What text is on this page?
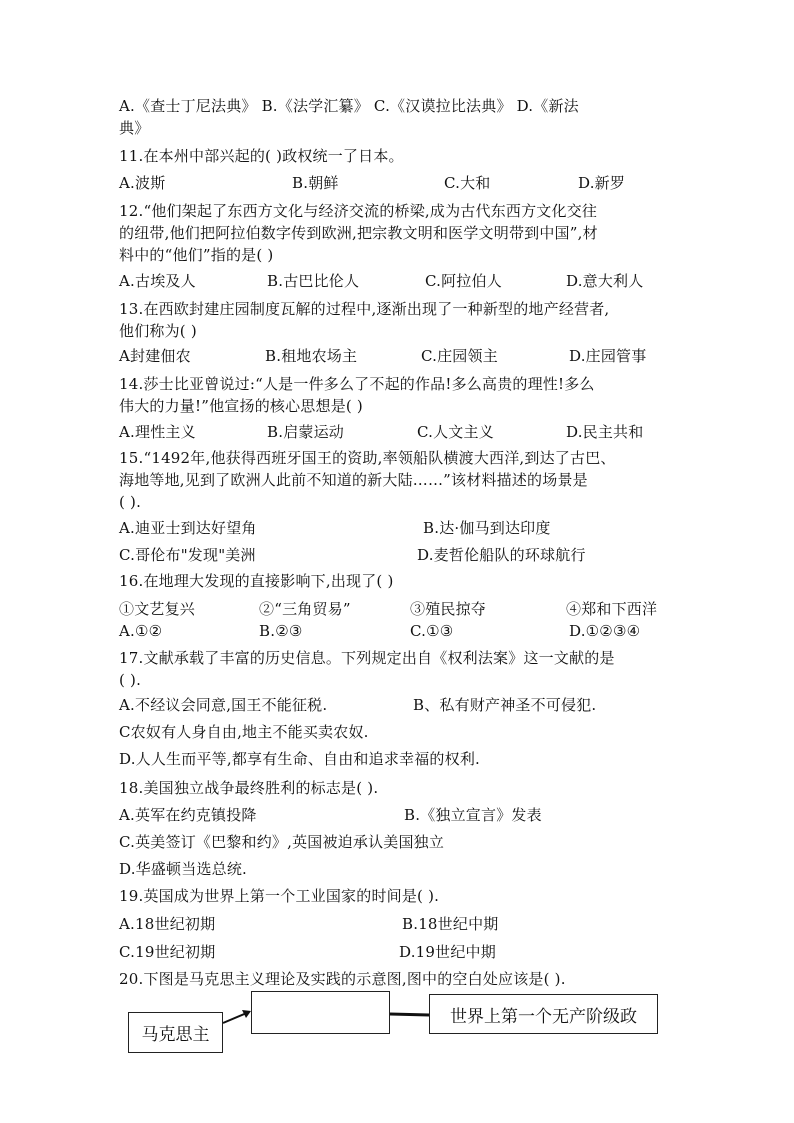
A.《查士丁尼法典》 B.《法学汇纂》 C.《汉谟拉比法典》 D.《新法
典》
11.在本州中部兴起的( )政权统一了日本。
A.波斯	B.朝鲜	C.大和	D.新罗
12.“他们架起了东西方文化与经济交流的桥梁,成为古代东西方文化交往
的纽带,他们把阿拉伯数字传到欧洲,把宗教文明和医学文明带到中国”,材
料中的“他们”指的是( )
A.古埃及人	B.古巴比伦人	C.阿拉伯人	D.意大利人
13.在西欧封建庄园制度瓦解的过程中,逐渐出现了一种新型的地产经营者,
他们称为( )
A封建佃农	B.租地农场主	C.庄园领主	D.庄园管事
14.莎士比亚曾说过:“人是一件多么了不起的作品!多么高贵的理性!多么
伟大的力量!”他宣扬的核心思想是( )
A.理性主义	B.启蒙运动	C.人文主义	D.民主共和
15.“1492年,他获得西班牙国王的资助,率领船队横渡大西洋,到达了古巴、
海地等地,见到了欧洲人此前不知道的新大陆……”该材料描述的场景是
( ).
A.迪亚士到达好望角	B.达·伽马到达印度
C.哥伦布"发现"美洲	D.麦哲伦船队的环球航行
16.在地理大发现的直接影响下,出现了( )
①文艺复兴	②“三角贸易”	③殖民掠夺	④郑和下西洋
A.①②	B.②③	C.①③	D.①②③④
17.文献承载了丰富的历史信息。下列规定出自《权利法案》这一文献的是
( ).
A.不经议会同意,国王不能征税.	B、私有财产神圣不可侵犯.
C农奴有人身自由,地主不能买卖农奴.
D.人人生而平等,都享有生命、自由和追求幸福的权利.
18.美国独立战争最终胜利的标志是( ).
A.英军在约克镇投降	B.《独立宣言》发表
C.英美签订《巴黎和约》,英国被迫承认美国独立
D.华盛顿当选总统.
19.英国成为世界上第一个工业国家的时间是( ).
A.18世纪初期	B.18世纪中期
C.19世纪初期	D.19世纪中期
20.下图是马克思主义理论及实践的示意图,图中的空白处应该是( ).
马克思主
世界上第一个无产阶级政
